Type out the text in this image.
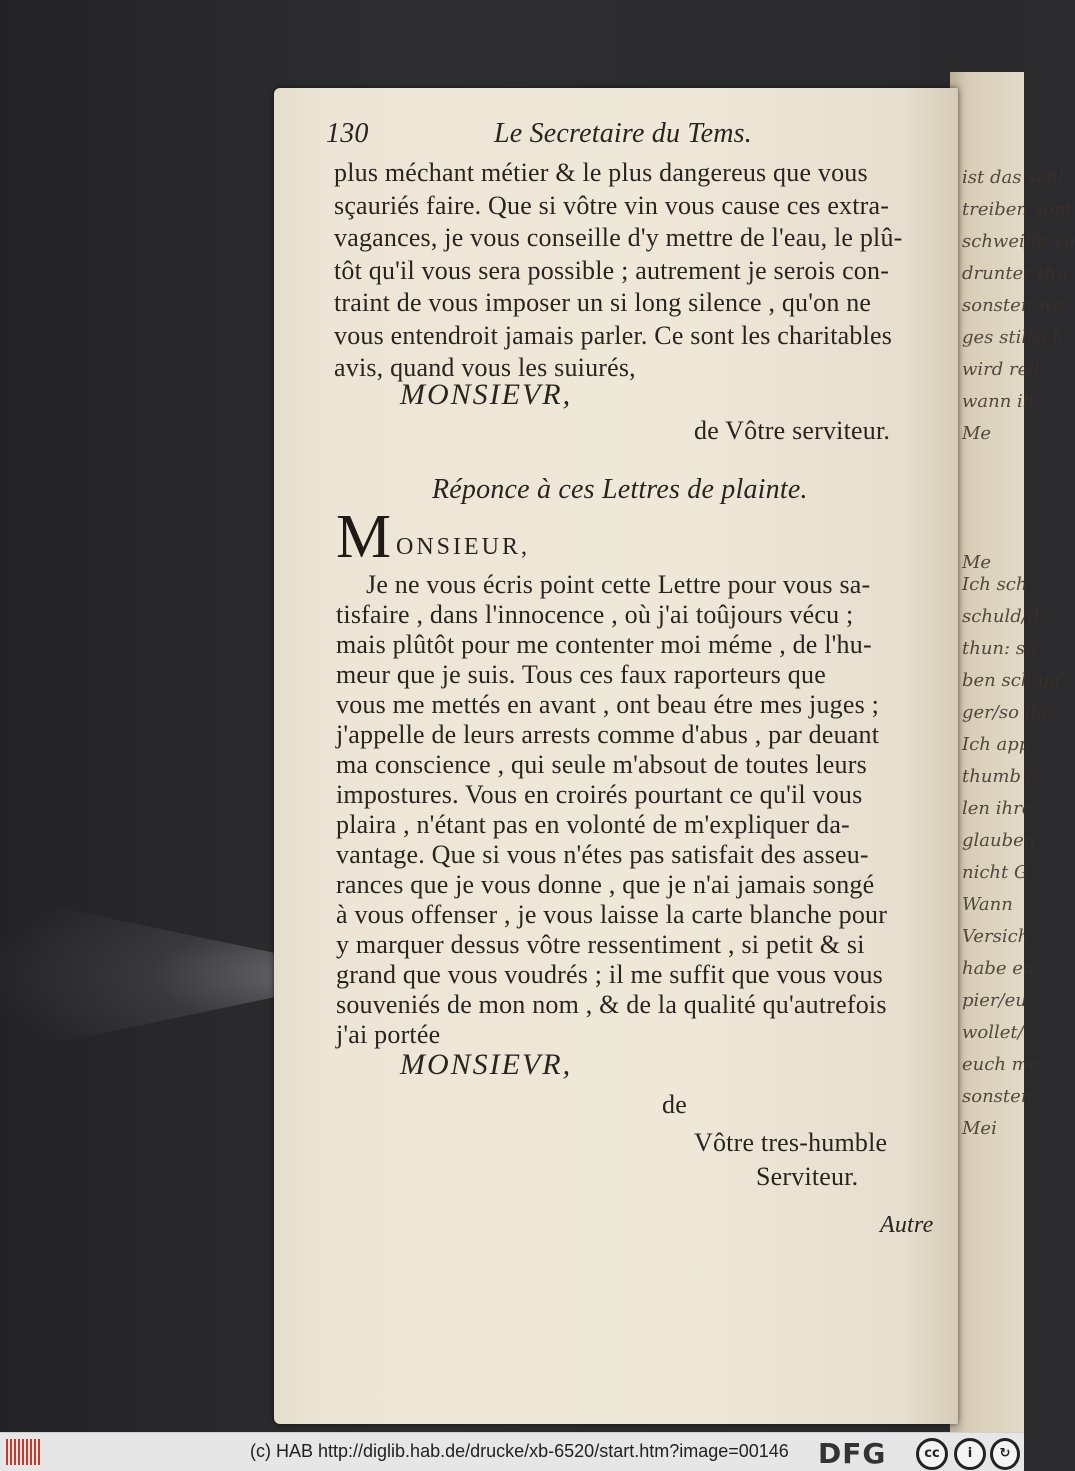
ist das schl
treiben sont
schweiffe vo
drunter thu
sonsten we
ges stillsch
wird red
wann ih
Me
Me
Ich sch
schuld/d
thun: so
ben schöpf
ger/so ihr
Ich app
thumb c
len ihre
glauben
nicht G
Wann
Versich
habe eu
pier/eu
wollet/
euch me
sonsten
Mei
130	Le Secretaire du Tems.
plus méchant métier & le plus dangereus que vous
sçauriés faire. Que si vôtre vin vous cause ces extra-
vagances, je vous conseille d'y mettre de l'eau, le plû-
tôt qu'il vous sera possible ; autrement je serois con-
traint de vous imposer un si long silence , qu'on ne
vous entendroit jamais parler. Ce sont les charitables
avis, quand vous les suiurés,
MONSIEVR,
de Vôtre serviteur.
Réponce à ces Lettres de plainte.
M ONSIEUR,
Je ne vous écris point cette Lettre pour vous sa-
tisfaire , dans l'innocence , où j'ai toûjours vécu ;
mais plûtôt pour me contenter moi méme , de l'hu-
meur que je suis. Tous ces faux raporteurs que
vous me mettés en avant , ont beau étre mes juges ;
j'appelle de leurs arrests comme d'abus , par deuant
ma conscience , qui seule m'absout de toutes leurs
impostures. Vous en croirés pourtant ce qu'il vous
plaira , n'étant pas en volonté de m'expliquer da-
vantage. Que si vous n'étes pas satisfait des asseu-
rances que je vous donne , que je n'ai jamais songé
à vous offenser , je vous laisse la carte blanche pour
y marquer dessus vôtre ressentiment , si petit & si
grand que vous voudrés ; il me suffit que vous vous
souveniés de mon nom , & de la qualité qu'autrefois
j'ai portée
MONSIEVR,
de
Vôtre tres-humble
Serviteur.
Autre
(c) HAB http://diglib.hab.de/drucke/xb-6520/start.htm?image=00146 DFG	cc	i	↻
